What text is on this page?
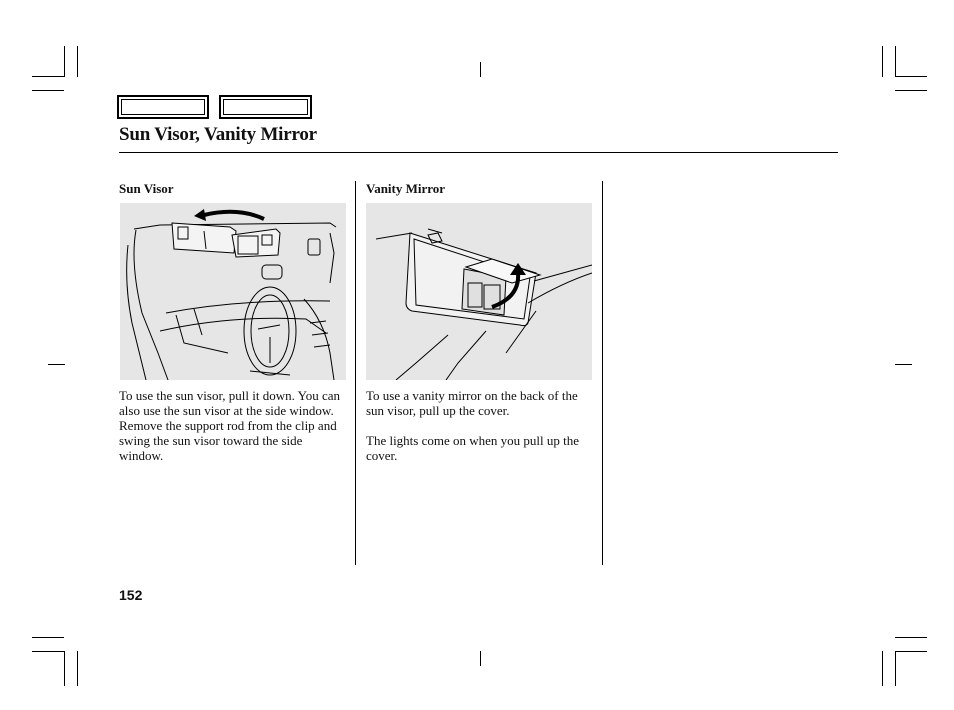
Sun Visor, Vanity Mirror
Sun Visor
To use the sun visor, pull it down. You can also use the sun visor at the side window. Remove the support rod from the clip and swing the sun visor toward the side window.
Vanity Mirror
To use a vanity mirror on the back of the sun visor, pull up the cover.
The lights come on when you pull up the cover.
152
